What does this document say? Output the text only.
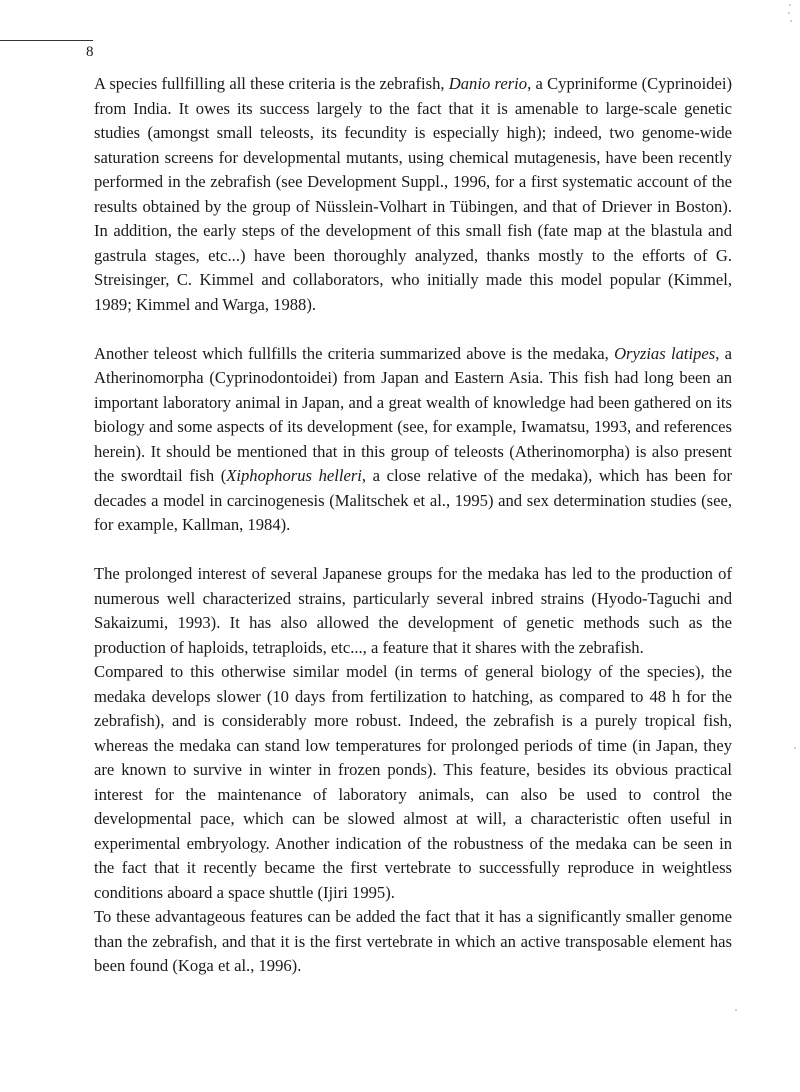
8

A species fullfilling all these criteria is the zebrafish, Danio rerio, a Cypriniforme (Cyprinoidei) from India. It owes its success largely to the fact that it is amenable to large-scale genetic studies (amongst small teleosts, its fecundity is especially high); indeed, two genome-wide saturation screens for developmental mutants, using chemical mutagenesis, have been recently performed in the zebrafish (see Development Suppl., 1996, for a first systematic account of the results obtained by the group of Nüsslein-Volhart in Tübingen, and that of Driever in Boston). In addition, the early steps of the development of this small fish (fate map at the blastula and gastrula stages, etc...) have been thoroughly analyzed, thanks mostly to the efforts of G. Streisinger, C. Kimmel and collaborators, who initially made this model popular (Kimmel, 1989; Kimmel and Warga, 1988).

Another teleost which fullfills the criteria summarized above is the medaka, Oryzias latipes, a Atherinomorpha (Cyprinodontoidei) from Japan and Eastern Asia. This fish had long been an important laboratory animal in Japan, and a great wealth of knowledge had been gathered on its biology and some aspects of its development (see, for example, Iwamatsu, 1993, and references herein). It should be mentioned that in this group of teleosts (Atherinomorpha) is also present the swordtail fish (Xiphophorus helleri, a close relative of the medaka), which has been for decades a model in carcinogenesis (Malitschek et al., 1995) and sex determination studies (see, for example, Kallman, 1984).

The prolonged interest of several Japanese groups for the medaka has led to the production of numerous well characterized strains, particularly several inbred strains (Hyodo-Taguchi and Sakaizumi, 1993). It has also allowed the development of genetic methods such as the production of haploids, tetraploids, etc..., a feature that it shares with the zebrafish.

Compared to this otherwise similar model (in terms of general biology of the species), the medaka develops slower (10 days from fertilization to hatching, as compared to 48 h for the zebrafish), and is considerably more robust. Indeed, the zebrafish is a purely tropical fish, whereas the medaka can stand low temperatures for prolonged periods of time (in Japan, they are known to survive in winter in frozen ponds). This feature, besides its obvious practical interest for the maintenance of laboratory animals, can also be used to control the developmental pace, which can be slowed almost at will, a characteristic often useful in experimental embryology. Another indication of the robustness of the medaka can be seen in the fact that it recently became the first vertebrate to successfully reproduce in weightless conditions aboard a space shuttle (Ijiri 1995).

To these advantageous features can be added the fact that it has a significantly smaller genome than the zebrafish, and that it is the first vertebrate in which an active transposable element has been found (Koga et al., 1996).
